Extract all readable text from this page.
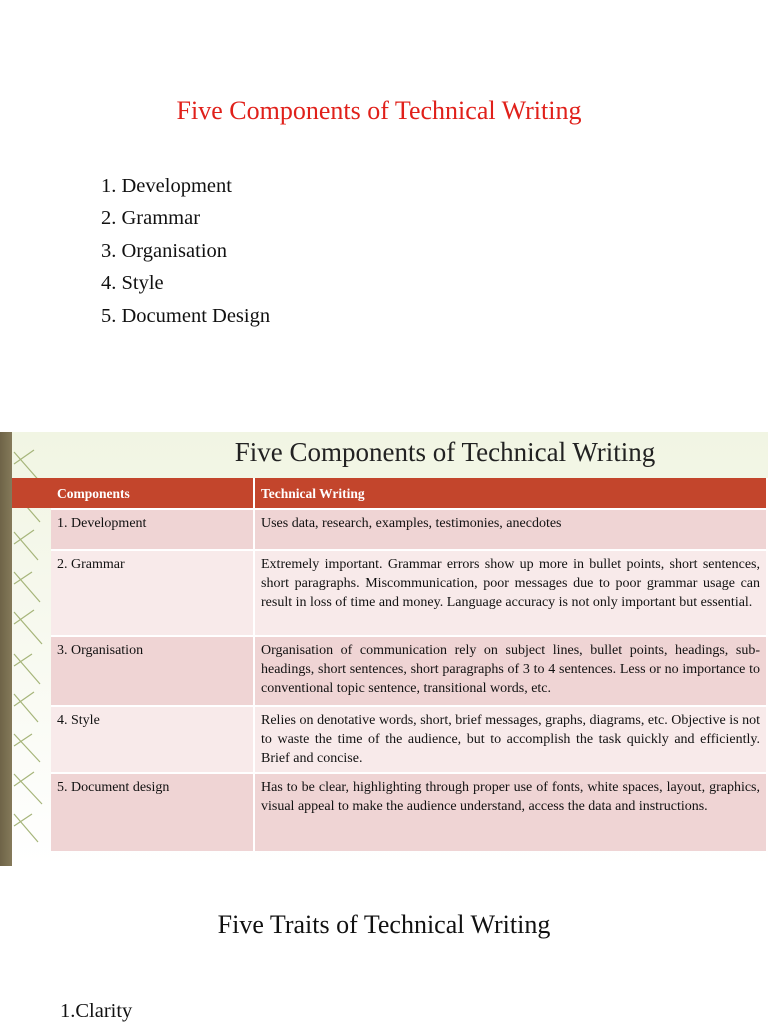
Five Components of Technical Writing
1. Development
2. Grammar
3. Organisation
4. Style
5. Document Design
Five Components of Technical Writing
Components	Technical Writing
1. Development	Uses data, research, examples, testimonies, anecdotes
2. Grammar	Extremely important. Grammar errors show up more in bullet points, short sentences, short paragraphs. Miscommunication, poor messages due to poor grammar usage can result in loss of time and money. Language accuracy is not only important but essential.
3. Organisation	Organisation of communication rely on subject lines, bullet points, headings, sub-headings, short sentences, short paragraphs of 3 to 4 sentences. Less or no importance to conventional topic sentence, transitional words, etc.
4. Style	Relies on denotative words, short, brief messages, graphs, diagrams, etc. Objective is not to waste the time of the audience, but to accomplish the task quickly and efficiently. Brief and concise.
5. Document design	Has to be clear, highlighting through proper use of fonts, white spaces, layout, graphics, visual appeal to make the audience understand, access the data and instructions.
Five Traits of Technical Writing
1.Clarity
